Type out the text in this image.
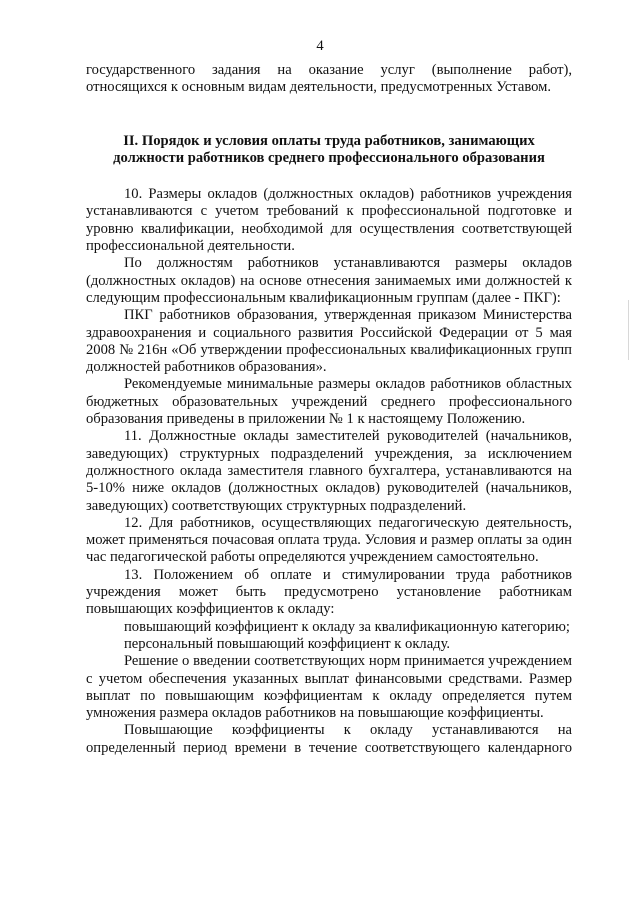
4

государственного задания на оказание услуг (выполнение работ), относящихся к основным видам деятельности, предусмотренных Уставом.

II. Порядок и условия оплаты труда работников, занимающих
должности работников среднего профессионального образования

10. Размеры окладов (должностных окладов) работников учреждения устанавливаются с учетом требований к профессиональной подготовке и уровню квалификации, необходимой для осуществления соответствующей профессиональной деятельности.

По должностям работников устанавливаются размеры окладов (должностных окладов) на основе отнесения занимаемых ими должностей к следующим профессиональным квалификационным группам (далее - ПКГ):

ПКГ работников образования, утвержденная приказом Министерства здравоохранения и социального развития Российской Федерации от 5 мая 2008 № 216н «Об утверждении профессиональных квалификационных групп должностей работников образования».

Рекомендуемые минимальные размеры окладов работников областных бюджетных образовательных учреждений среднего профессионального образования приведены в приложении № 1 к настоящему Положению.

11. Должностные оклады заместителей руководителей (начальников, заведующих) структурных подразделений учреждения, за исключением должностного оклада заместителя главного бухгалтера, устанавливаются на 5-10% ниже окладов (должностных окладов) руководителей (начальников, заведующих) соответствующих структурных подразделений.

12. Для работников, осуществляющих педагогическую деятельность, может применяться почасовая оплата труда. Условия и размер оплаты за один час педагогической работы определяются учреждением самостоятельно.

13. Положением об оплате и стимулировании труда работников учреждения может быть предусмотрено установление работникам повышающих коэффициентов к окладу:

повышающий коэффициент к окладу за квалификационную категорию;

персональный повышающий коэффициент к окладу.

Решение о введении соответствующих норм принимается учреждением с учетом обеспечения указанных выплат финансовыми средствами. Размер выплат по повышающим коэффициентам к окладу определяется путем умножения размера окладов работников на повышающие коэффициенты.

Повышающие коэффициенты к окладу устанавливаются на определенный период времени в течение соответствующего календарного
